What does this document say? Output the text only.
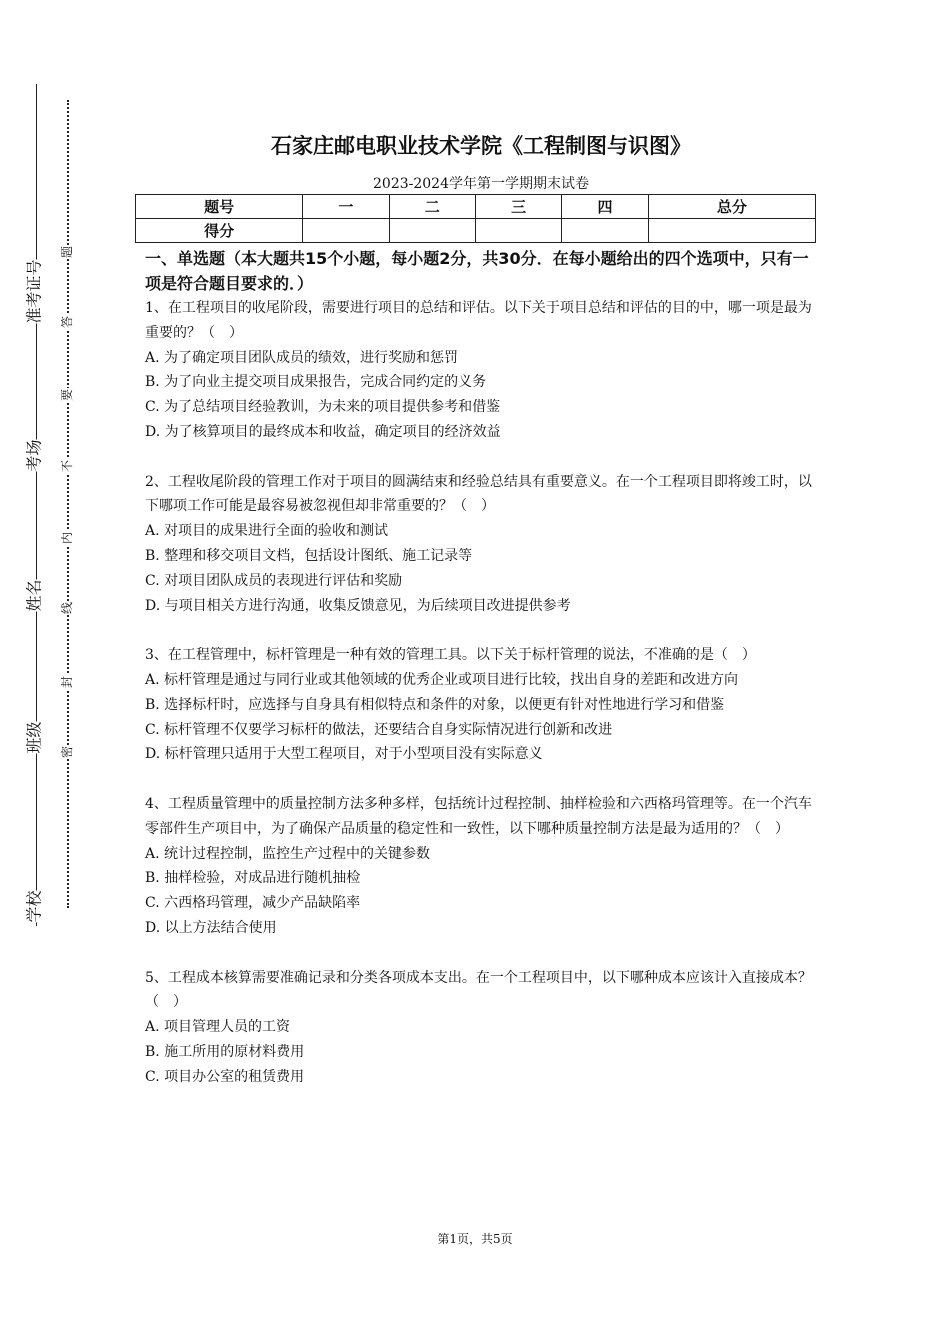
学校
班级
姓名
考场
准考证号
题
答
要
不
内
线
封
密
石家庄邮电职业技术学院《工程制图与识图》
2023-2024学年第一学期期末试卷
题号	一	二	三	四	总分
得分					
一、单选题（本大题共15个小题，每小题2分，共30分．在每小题给出的四个选项中，只有一项是符合题目要求的．）

1、在工程项目的收尾阶段，需要进行项目的总结和评估。以下关于项目总结和评估的目的中，哪一项是最为重要的？（　）

A. 为了确定项目团队成员的绩效，进行奖励和惩罚

B. 为了向业主提交项目成果报告，完成合同约定的义务

C. 为了总结项目经验教训，为未来的项目提供参考和借鉴

D. 为了核算项目的最终成本和收益，确定项目的经济效益

2、工程收尾阶段的管理工作对于项目的圆满结束和经验总结具有重要意义。在一个工程项目即将竣工时，以下哪项工作可能是最容易被忽视但却非常重要的？（　）

A. 对项目的成果进行全面的验收和测试

B. 整理和移交项目文档，包括设计图纸、施工记录等

C. 对项目团队成员的表现进行评估和奖励

D. 与项目相关方进行沟通，收集反馈意见，为后续项目改进提供参考

3、在工程管理中，标杆管理是一种有效的管理工具。以下关于标杆管理的说法，不准确的是（　）

A. 标杆管理是通过与同行业或其他领域的优秀企业或项目进行比较，找出自身的差距和改进方向

B. 选择标杆时，应选择与自身具有相似特点和条件的对象，以便更有针对性地进行学习和借鉴

C. 标杆管理不仅要学习标杆的做法，还要结合自身实际情况进行创新和改进

D. 标杆管理只适用于大型工程项目，对于小型项目没有实际意义

4、工程质量管理中的质量控制方法多种多样，包括统计过程控制、抽样检验和六西格玛管理等。在一个汽车零部件生产项目中，为了确保产品质量的稳定性和一致性，以下哪种质量控制方法是最为适用的？（　）

A. 统计过程控制，监控生产过程中的关键参数

B. 抽样检验，对成品进行随机抽检

C. 六西格玛管理，减少产品缺陷率

D. 以上方法结合使用

5、工程成本核算需要准确记录和分类各项成本支出。在一个工程项目中，以下哪种成本应该计入直接成本？（　）

A. 项目管理人员的工资

B. 施工所用的原材料费用

C. 项目办公室的租赁费用

第1页，共5页
